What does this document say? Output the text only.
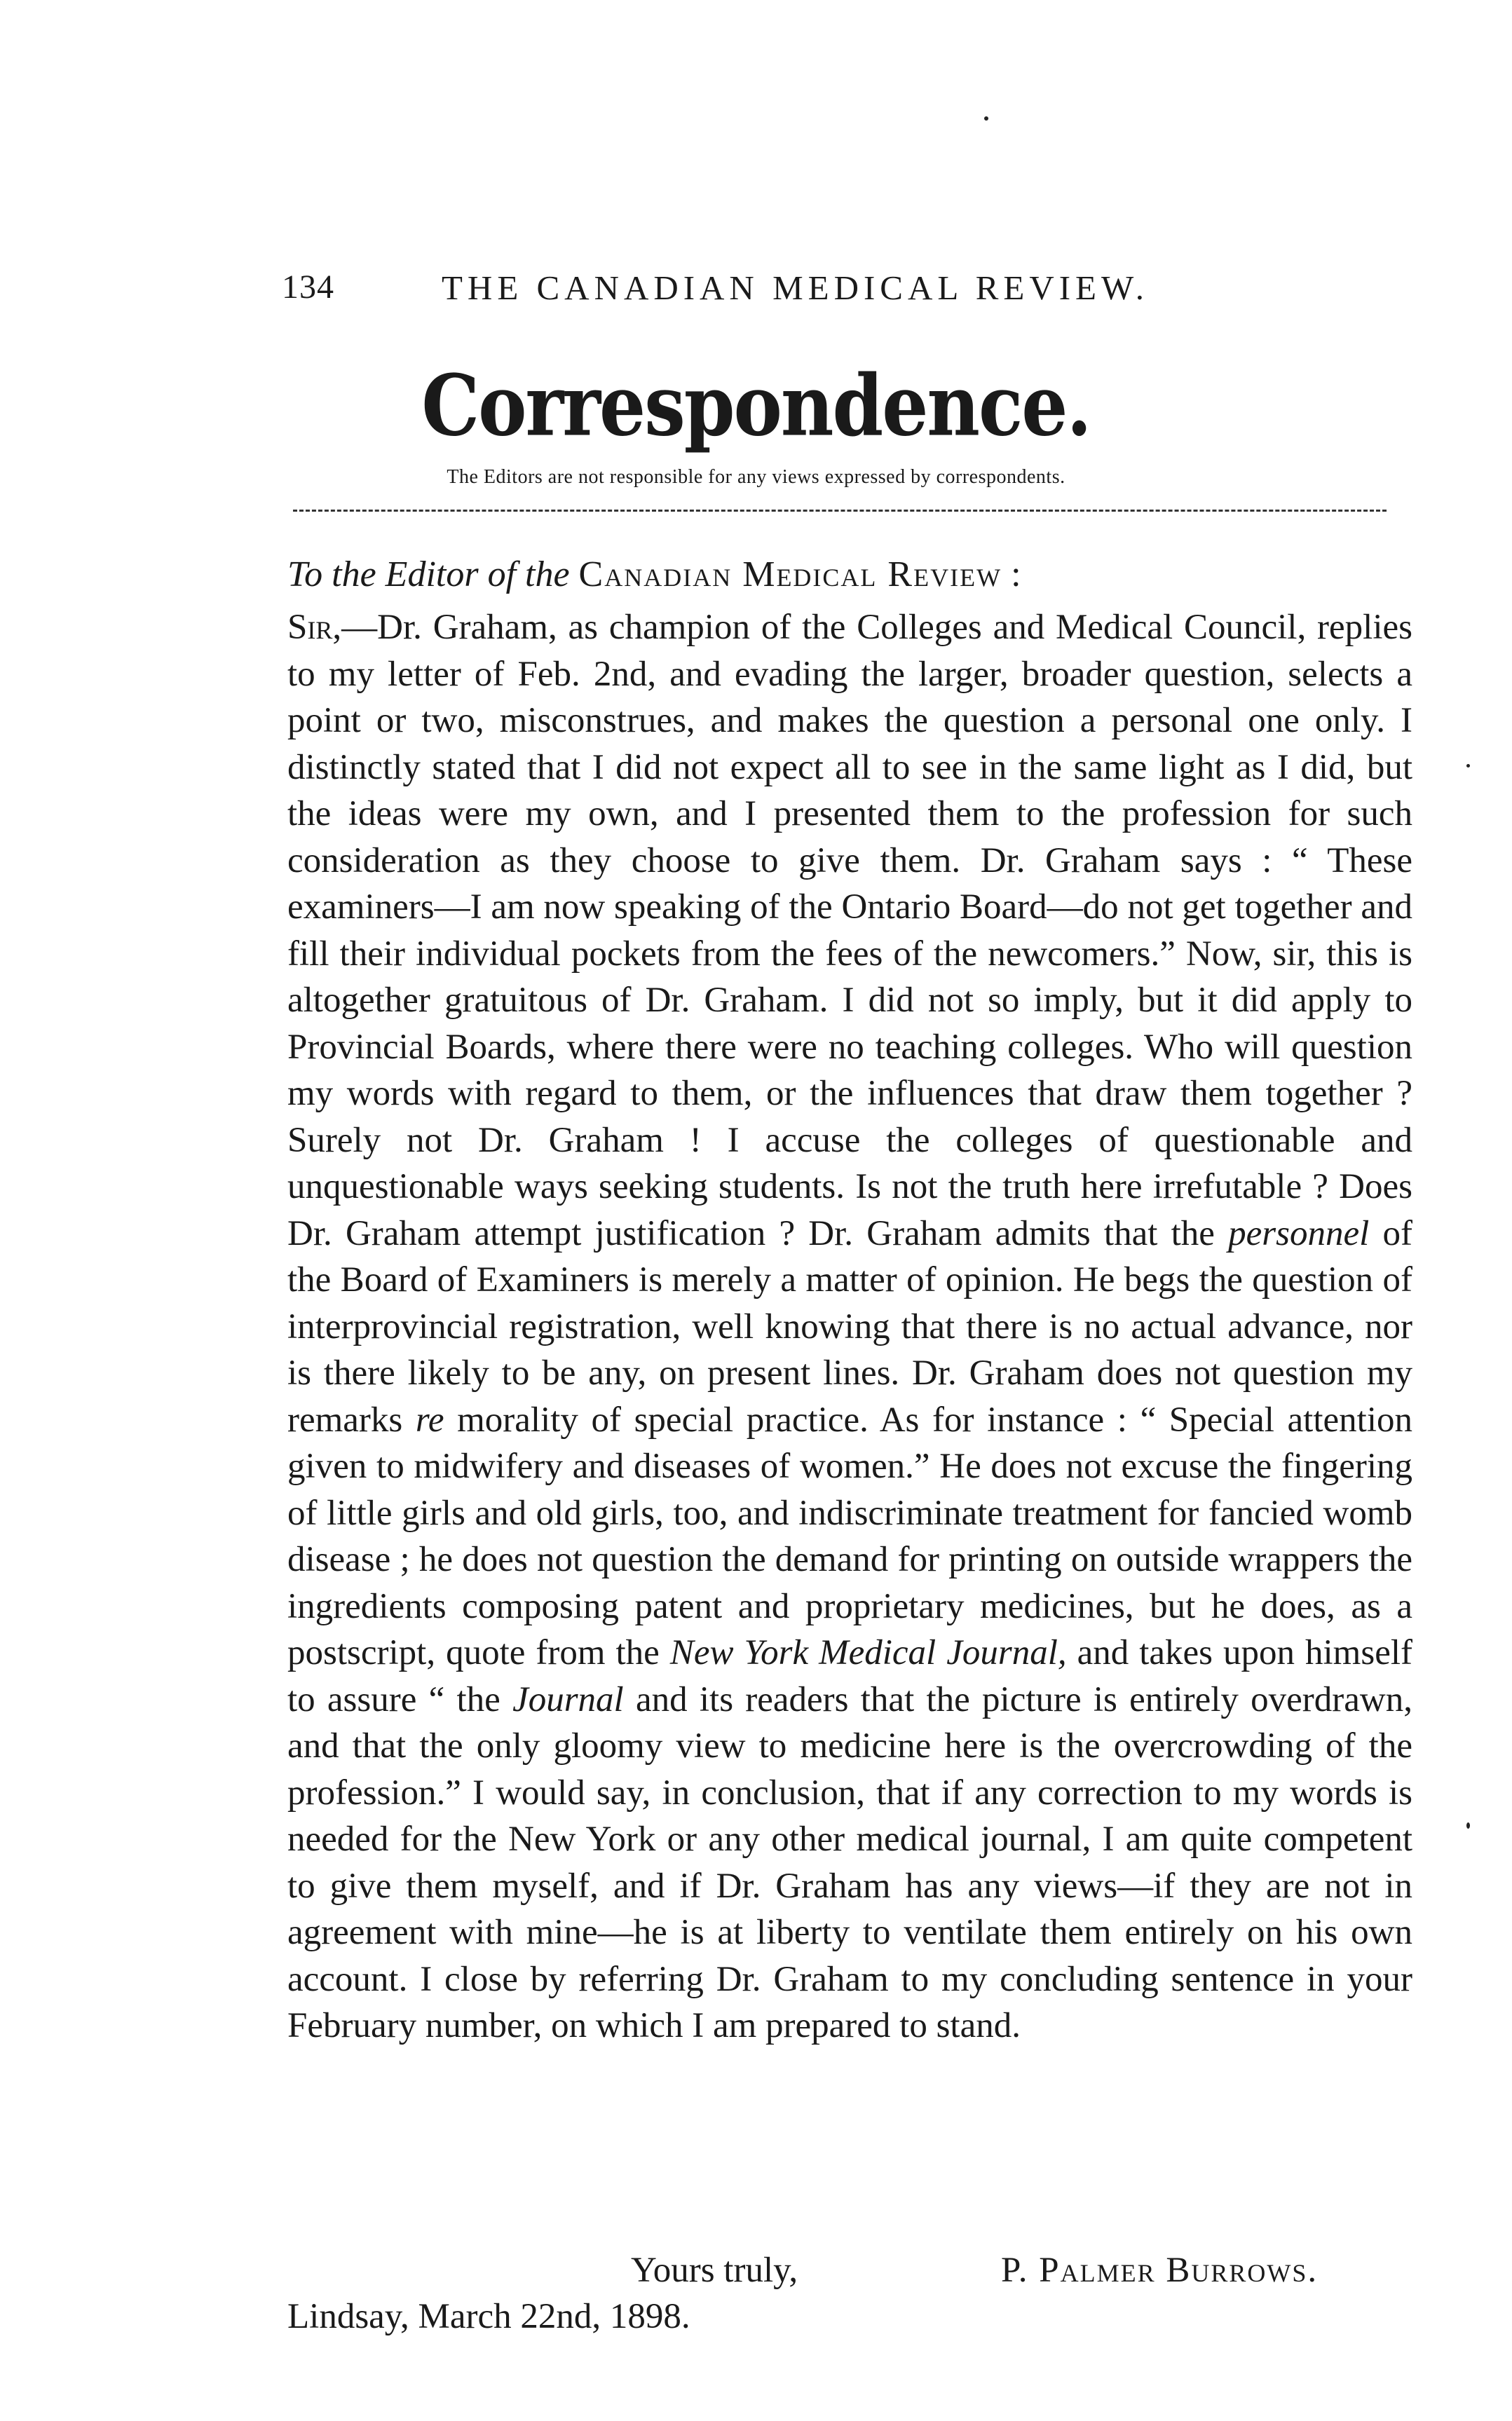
134	THE CANADIAN MEDICAL REVIEW.
Correspondence.
The Editors are not responsible for any views expressed by correspondents.
To the Editor of the Canadian Medical Review :

Sir,—Dr. Graham, as champion of the Colleges and Medical Council, replies to my letter of Feb. 2nd, and evading the larger, broader question, selects a point or two, misconstrues, and makes the question a personal one only. I distinctly stated that I did not expect all to see in the same light as I did, but the ideas were my own, and I presented them to the profession for such consideration as they choose to give them. Dr. Graham says : “ These examiners—I am now speaking of the Ontario Board—do not get together and fill their individual pockets from the fees of the newcomers.” Now, sir, this is altogether gratuitous of Dr. Graham. I did not so imply, but it did apply to Provincial Boards, where there were no teaching colleges. Who will question my words with regard to them, or the influences that draw them together ? Surely not Dr. Graham ! I accuse the colleges of questionable and unquestionable ways seeking students. Is not the truth here irrefutable ? Does Dr. Graham attempt justification ? Dr. Graham admits that the personnel of the Board of Examiners is merely a matter of opinion. He begs the question of interprovincial registration, well knowing that there is no actual advance, nor is there likely to be any, on present lines. Dr. Graham does not question my remarks re morality of special practice. As for instance : “ Special attention given to midwifery and diseases of women.” He does not excuse the fingering of little girls and old girls, too, and indiscriminate treatment for fancied womb disease ; he does not question the demand for printing on outside wrappers the ingredients composing patent and proprietary medicines, but he does, as a postscript, quote from the New York Medical Journal, and takes upon himself to assure “ the Journal and its readers that the picture is entirely overdrawn, and that the only gloomy view to medicine here is the overcrowding of the profession.” I would say, in conclusion, that if any correction to my words is needed for the New York or any other medical journal, I am quite competent to give them myself, and if Dr. Graham has any views—if they are not in agreement with mine—he is at liberty to ventilate them entirely on his own account. I close by referring Dr. Graham to my concluding sentence in your February number, on which I am prepared to stand.

Yours truly,	P. Palmer Burrows.
Lindsay, March 22nd, 1898.
